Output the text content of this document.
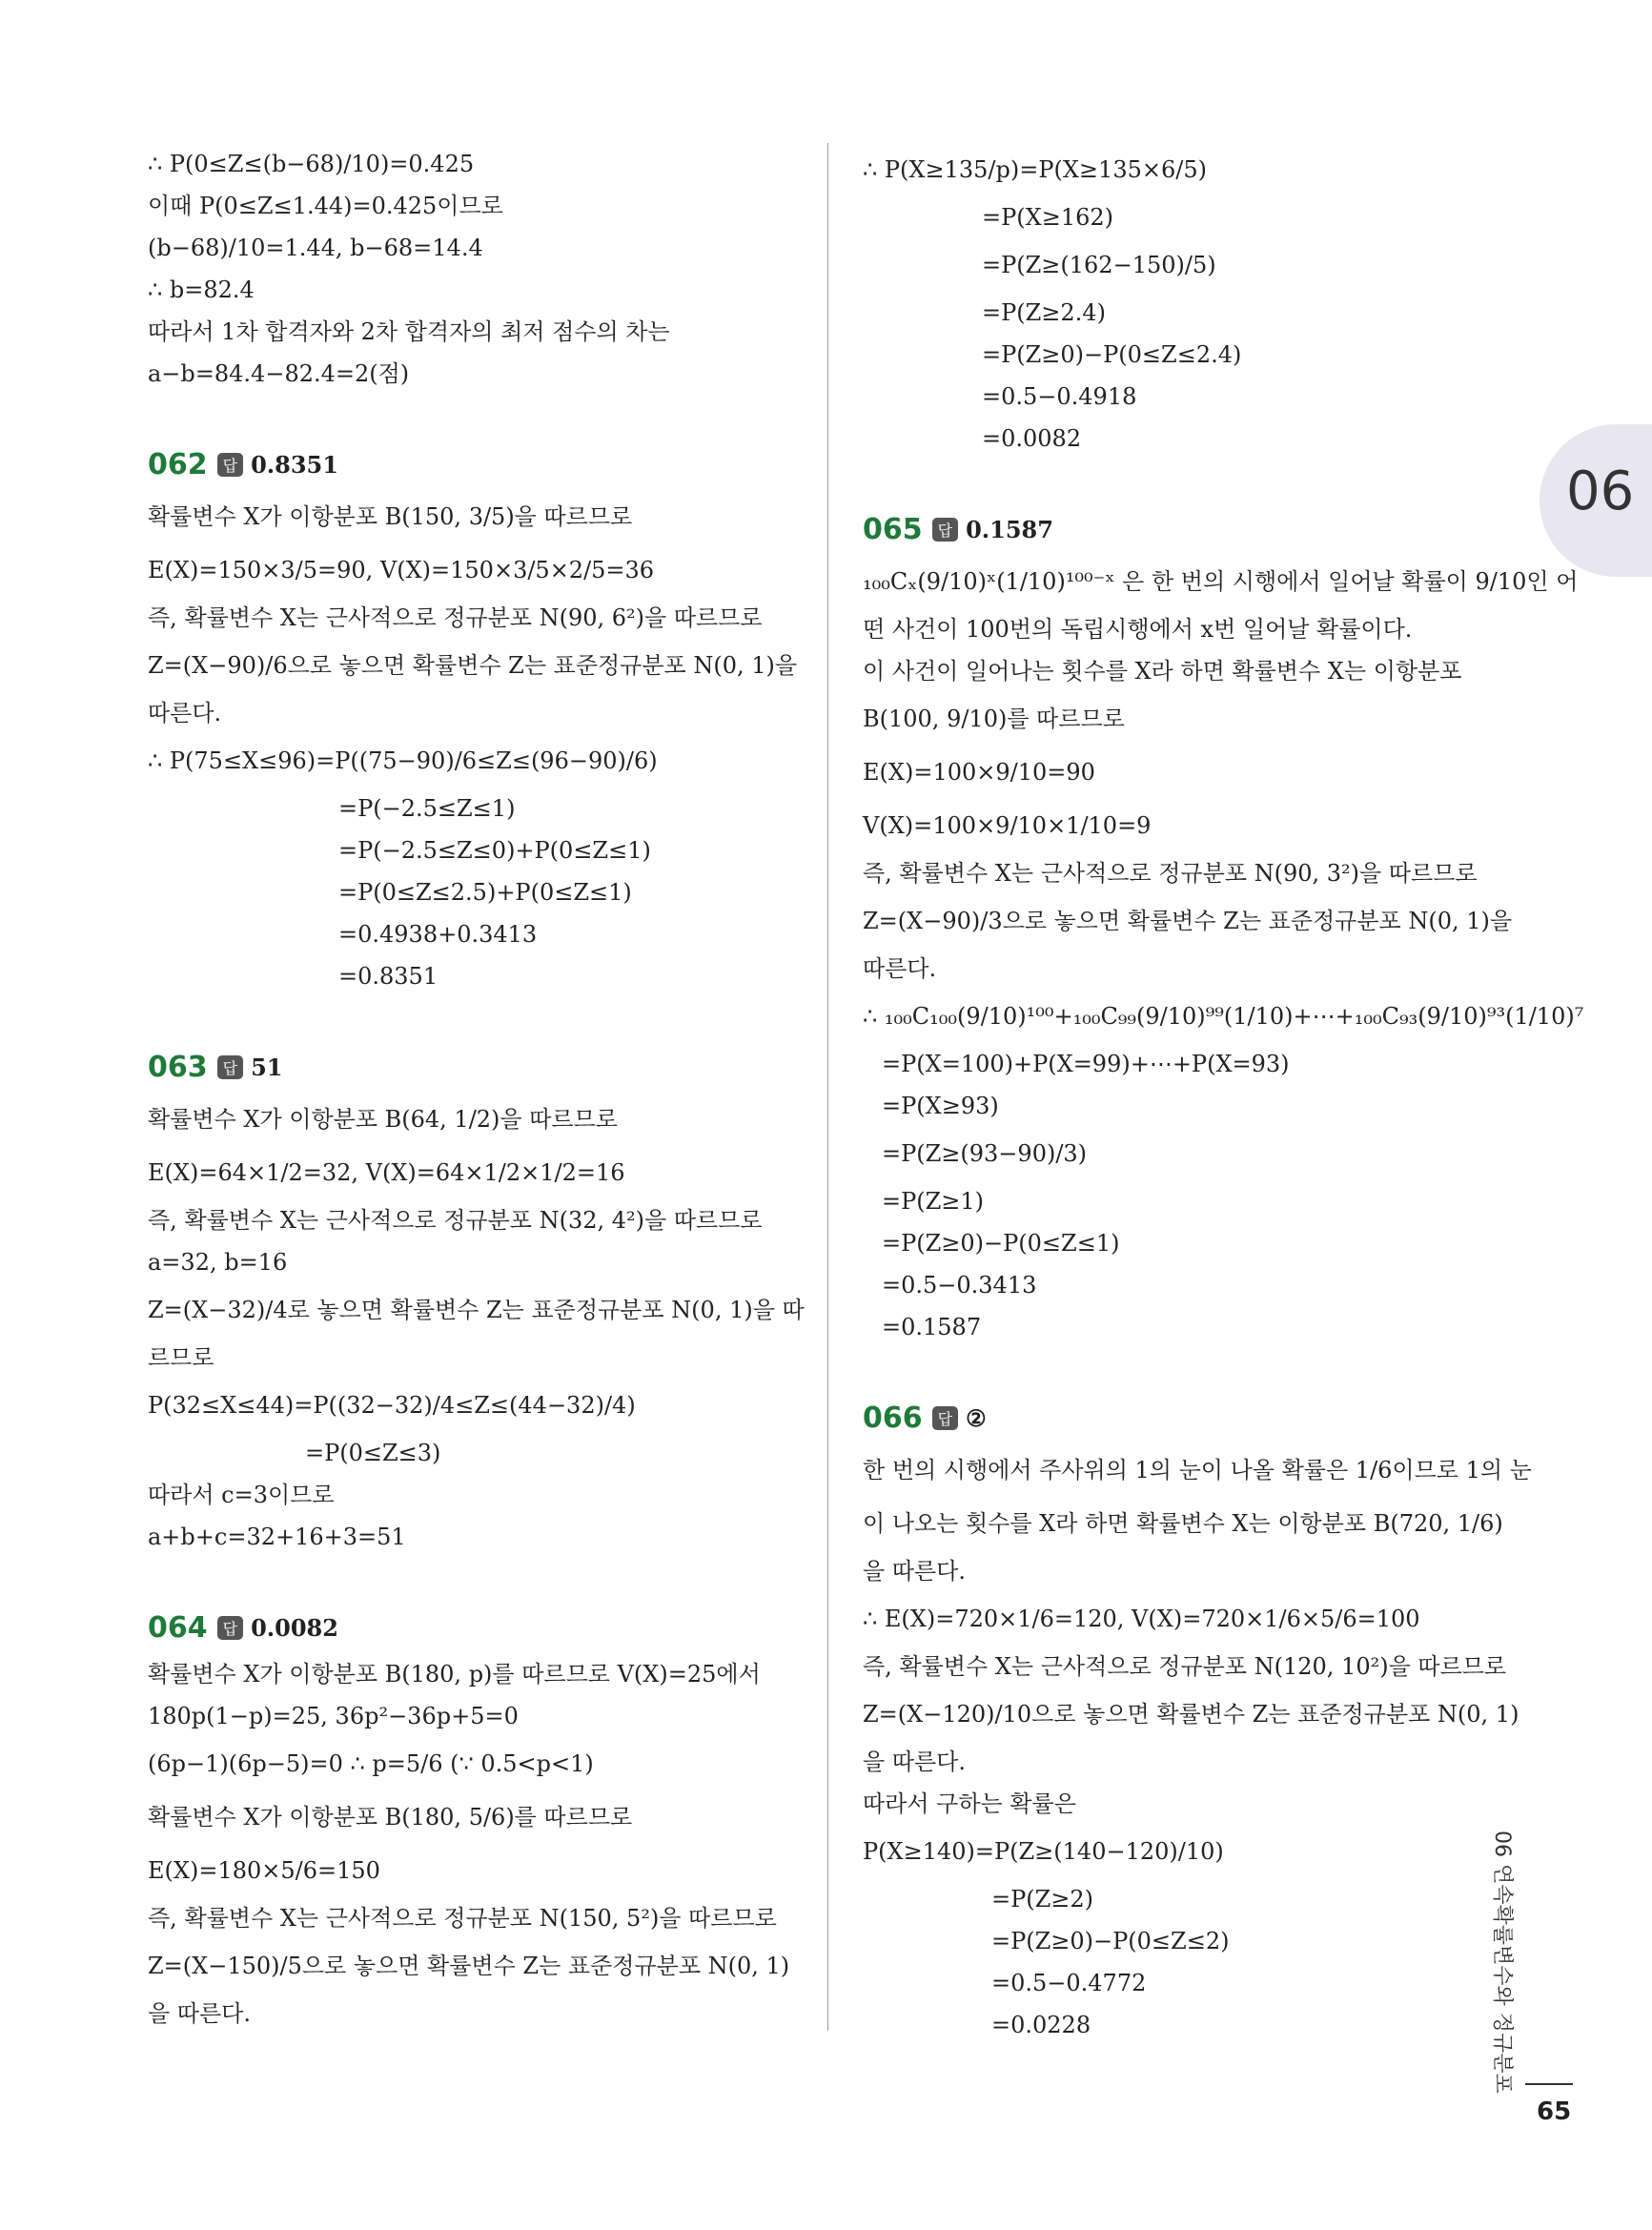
06
∴ P(0≤Z≤(b−68)/10)=0.425
이때 P(0≤Z≤1.44)=0.425이므로
(b−68)/10=1.44, b−68=14.4
∴ b=82.4
따라서 1차 합격자와 2차 합격자의 최저 점수의 차는
a−b=84.4−82.4=2(점)
062	답 0.8351
확률변수 X가 이항분포 B(150, 3/5)을 따르므로
E(X)=150×3/5=90, V(X)=150×3/5×2/5=36
즉, 확률변수 X는 근사적으로 정규분포 N(90, 6²)을 따르므로
Z=(X−90)/6으로 놓으면 확률변수 Z는 표준정규분포 N(0, 1)을
따른다.
∴ P(75≤X≤96)=P((75−90)/6≤Z≤(96−90)/6)
=P(−2.5≤Z≤1)
=P(−2.5≤Z≤0)+P(0≤Z≤1)
=P(0≤Z≤2.5)+P(0≤Z≤1)
=0.4938+0.3413
=0.8351
063	답 51
확률변수 X가 이항분포 B(64, 1/2)을 따르므로
E(X)=64×1/2=32, V(X)=64×1/2×1/2=16
즉, 확률변수 X는 근사적으로 정규분포 N(32, 4²)을 따르므로
a=32, b=16
Z=(X−32)/4로 놓으면 확률변수 Z는 표준정규분포 N(0, 1)을 따
르므로
P(32≤X≤44)=P((32−32)/4≤Z≤(44−32)/4)
=P(0≤Z≤3)
따라서 c=3이므로
a+b+c=32+16+3=51
064	답 0.0082
확률변수 X가 이항분포 B(180, p)를 따르므로 V(X)=25에서
180p(1−p)=25, 36p²−36p+5=0
(6p−1)(6p−5)=0 ∴ p=5/6 (∵ 0.5<p<1)
확률변수 X가 이항분포 B(180, 5/6)를 따르므로
E(X)=180×5/6=150
즉, 확률변수 X는 근사적으로 정규분포 N(150, 5²)을 따르므로
Z=(X−150)/5으로 놓으면 확률변수 Z는 표준정규분포 N(0, 1)
을 따른다.
∴ P(X≥135/p)=P(X≥135×6/5)
=P(X≥162)
=P(Z≥(162−150)/5)
=P(Z≥2.4)
=P(Z≥0)−P(0≤Z≤2.4)
=0.5−0.4918
=0.0082
065	답 0.1587
₁₀₀Cₓ(9/10)ˣ(1/10)¹⁰⁰⁻ˣ 은 한 번의 시행에서 일어날 확률이 9/10인 어
떤 사건이 100번의 독립시행에서 x번 일어날 확률이다.
이 사건이 일어나는 횟수를 X라 하면 확률변수 X는 이항분포
B(100, 9/10)를 따르므로
E(X)=100×9/10=90
V(X)=100×9/10×1/10=9
즉, 확률변수 X는 근사적으로 정규분포 N(90, 3²)을 따르므로
Z=(X−90)/3으로 놓으면 확률변수 Z는 표준정규분포 N(0, 1)을
따른다.
∴ ₁₀₀C₁₀₀(9/10)¹⁰⁰+₁₀₀C₉₉(9/10)⁹⁹(1/10)+⋯+₁₀₀C₉₃(9/10)⁹³(1/10)⁷
=P(X=100)+P(X=99)+⋯+P(X=93)
=P(X≥93)
=P(Z≥(93−90)/3)
=P(Z≥1)
=P(Z≥0)−P(0≤Z≤1)
=0.5−0.3413
=0.1587
066	답 ②
한 번의 시행에서 주사위의 1의 눈이 나올 확률은 1/6이므로 1의 눈
이 나오는 횟수를 X라 하면 확률변수 X는 이항분포 B(720, 1/6)
을 따른다.
∴ E(X)=720×1/6=120, V(X)=720×1/6×5/6=100
즉, 확률변수 X는 근사적으로 정규분포 N(120, 10²)을 따르므로
Z=(X−120)/10으로 놓으면 확률변수 Z는 표준정규분포 N(0, 1)
을 따른다.
따라서 구하는 확률은
P(X≥140)=P(Z≥(140−120)/10)
=P(Z≥2)
=P(Z≥0)−P(0≤Z≤2)
=0.5−0.4772
=0.0228	06 연속확률변수와 정규분포
65
